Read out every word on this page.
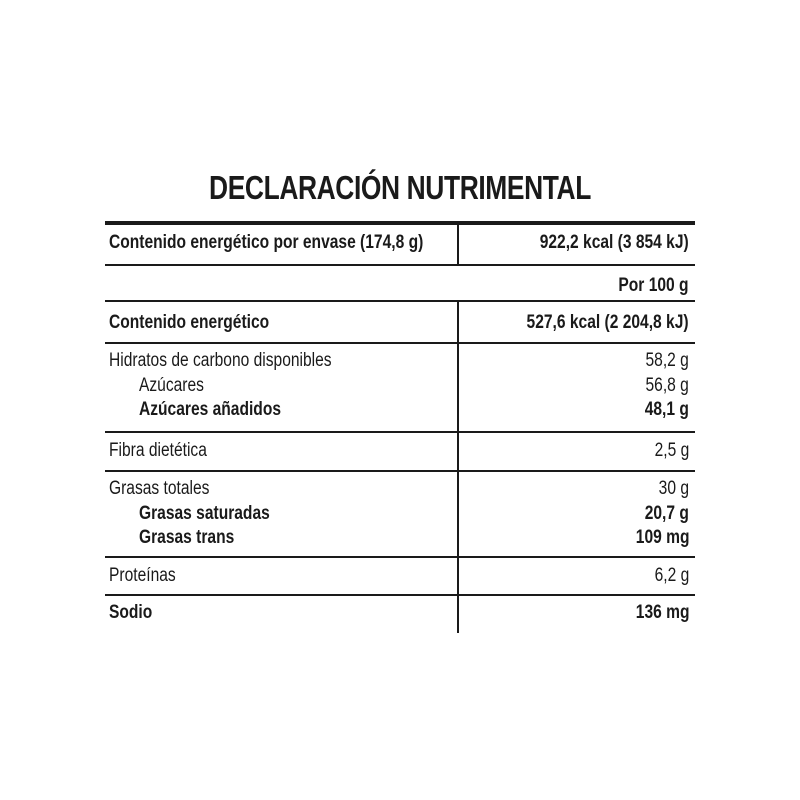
DECLARACIÓN NUTRIMENTAL
Contenido energético por envase (174,8 g)	922,2 kcal (3 854 kJ)
Por 100 g
Contenido energético	527,6 kcal (2 204,8 kJ)
Hidratos de carbono disponibles	58,2 g
Azúcares	56,8 g
Azúcares añadidos	48,1 g
Fibra dietética	2,5 g
Grasas totales	30 g
Grasas saturadas	20,7 g
Grasas trans	109 mg
Proteínas	6,2 g
Sodio	136 mg
